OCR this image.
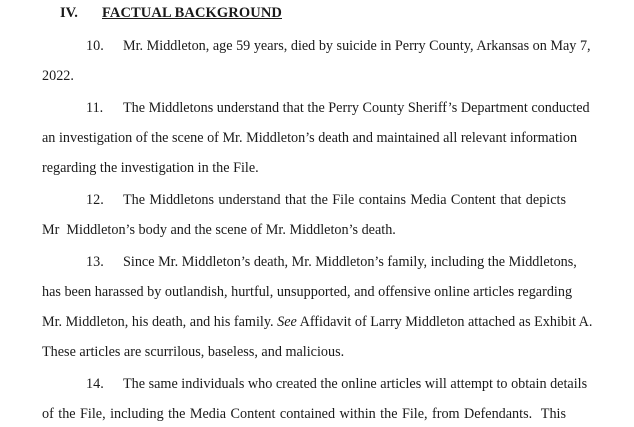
IV. FACTUAL BACKGROUND
10. Mr. Middleton, age 59 years, died by suicide in Perry County, Arkansas on May 7,
2022.
11. The Middletons understand that the Perry County Sheriff’s Department conducted
an investigation of the scene of Mr. Middleton’s death and maintained all relevant information
regarding the investigation in the File.
12. The Middletons understand that the File contains Media Content that depicts
Mr  Middleton’s body and the scene of Mr. Middleton’s death.
13. Since Mr. Middleton’s death, Mr. Middleton’s family, including the Middletons,
has been harassed by outlandish, hurtful, unsupported, and offensive online articles regarding
Mr. Middleton, his death, and his family. See Affidavit of Larry Middleton attached as Exhibit A.
These articles are scurrilous, baseless, and malicious.
14. The same individuals who created the online articles will attempt to obtain details
of the File, including the Media Content contained within the File, from Defendants.  This
